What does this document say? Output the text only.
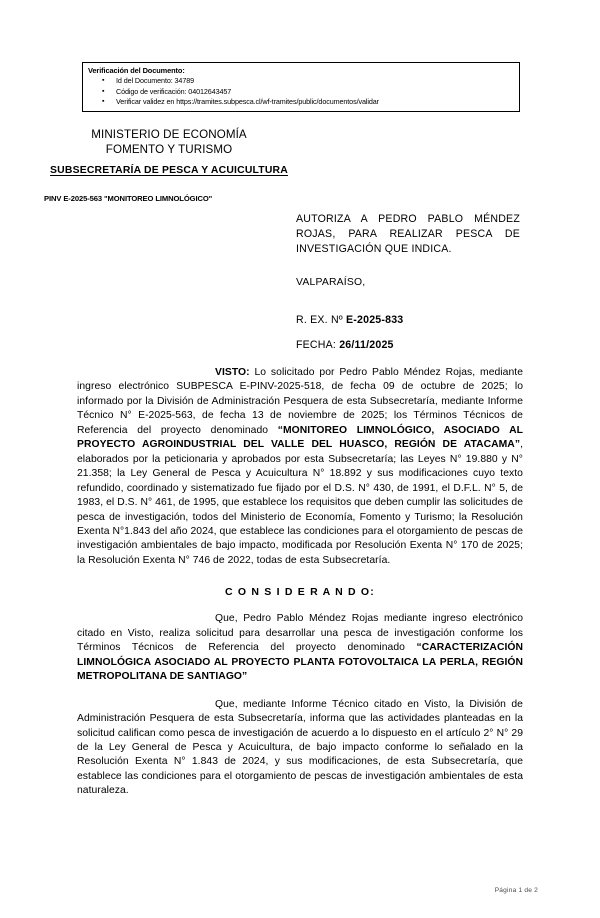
Verificación del Documento:
▪ Id del Documento: 34789
▪ Código de verificación: 04012643457
▪ Verificar validez en https://tramites.subpesca.cl/wf-tramites/public/documentos/validar
MINISTERIO DE ECONOMÍA
FOMENTO Y TURISMO
SUBSECRETARÍA DE PESCA Y ACUICULTURA
PINV E-2025-563 "MONITOREO LIMNOLÓGICO"
AUTORIZA A PEDRO PABLO MÉNDEZ ROJAS, PARA REALIZAR PESCA DE INVESTIGACIÓN QUE INDICA.
VALPARAÍSO,
R. EX. Nº E-2025-833
FECHA: 26/11/2025

VISTO: Lo solicitado por Pedro Pablo Méndez Rojas, mediante ingreso electrónico SUBPESCA E-PINV-2025-518, de fecha 09 de octubre de 2025; lo informado por la División de Administración Pesquera de esta Subsecretaría, mediante Informe Técnico N° E-2025-563, de fecha 13 de noviembre de 2025; los Términos Técnicos de Referencia del proyecto denominado “MONITOREO LIMNOLÓGICO, ASOCIADO AL PROYECTO AGROINDUSTRIAL DEL VALLE DEL HUASCO, REGIÓN DE ATACAMA”, elaborados por la peticionaria y aprobados por esta Subsecretaría; las Leyes N° 19.880 y N° 21.358; la Ley General de Pesca y Acuicultura N° 18.892 y sus modificaciones cuyo texto refundido, coordinado y sistematizado fue fijado por el D.S. N° 430, de 1991, el D.F.L. N° 5, de 1983, el D.S. N° 461, de 1995, que establece los requisitos que deben cumplir las solicitudes de pesca de investigación, todos del Ministerio de Economía, Fomento y Turismo; la Resolución Exenta N°1.843 del año 2024, que establece las condiciones para el otorgamiento de pescas de investigación ambientales de bajo impacto, modificada por Resolución Exenta N° 170 de 2025; la Resolución Exenta N° 746 de 2022, todas de esta Subsecretaría.

C O N S I D E R A N D O:

Que, Pedro Pablo Méndez Rojas mediante ingreso electrónico citado en Visto, realiza solicitud para desarrollar una pesca de investigación conforme los Términos Técnicos de Referencia del proyecto denominado “CARACTERIZACIÓN LIMNOLÓGICA ASOCIADO AL PROYECTO PLANTA FOTOVOLTAICA LA PERLA, REGIÓN METROPOLITANA DE SANTIAGO”

Que, mediante Informe Técnico citado en Visto, la División de Administración Pesquera de esta Subsecretaría, informa que las actividades planteadas en la solicitud califican como pesca de investigación de acuerdo a lo dispuesto en el artículo 2° N° 29 de la Ley General de Pesca y Acuicultura, de bajo impacto conforme lo señalado en la Resolución Exenta N° 1.843 de 2024, y sus modificaciones, de esta Subsecretaría, que establece las condiciones para el otorgamiento de pescas de investigación ambientales de esta naturaleza.

Página 1 de 2
